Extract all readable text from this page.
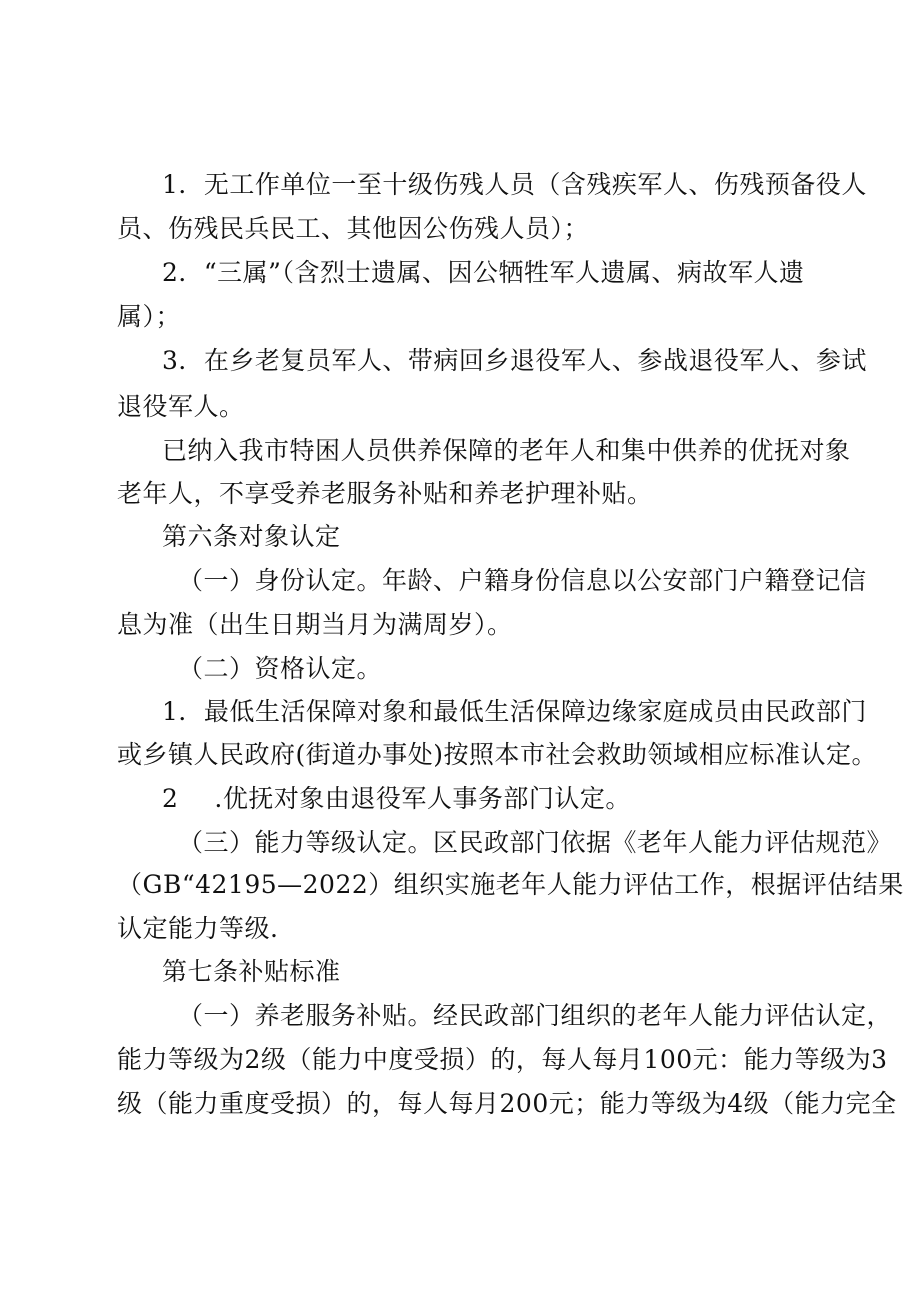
1．无工作单位一至十级伤残人员（含残疾军人、伤残预备役人
员、伤残民兵民工、其他因公伤残人员）；
2．“三属”（含烈士遗属、因公牺牲军人遗属、病故军人遗
属）；
3．在乡老复员军人、带病回乡退役军人、参战退役军人、参试
退役军人。
已纳入我市特困人员供养保障的老年人和集中供养的优抚对象
老年人，不享受养老服务补贴和养老护理补贴。
第六条对象认定
（一）身份认定。年龄、户籍身份信息以公安部门户籍登记信
息为准（出生日期当月为满周岁）。
（二）资格认定。
1．最低生活保障对象和最低生活保障边缘家庭成员由民政部门
或乡镇人民政府(街道办事处)按照本市社会救助领域相应标准认定。
2 .优抚对象由退役军人事务部门认定。
（三）能力等级认定。区民政部门依据《老年人能力评估规范》
（GB“42195—2022）组织实施老年人能力评估工作，根据评估结果
认定能力等级.
第七条补贴标准
（一）养老服务补贴。经民政部门组织的老年人能力评估认定，
能力等级为2级（能力中度受损）的，每人每月100元：能力等级为3
级（能力重度受损）的，每人每月200元；能力等级为4级（能力完全
